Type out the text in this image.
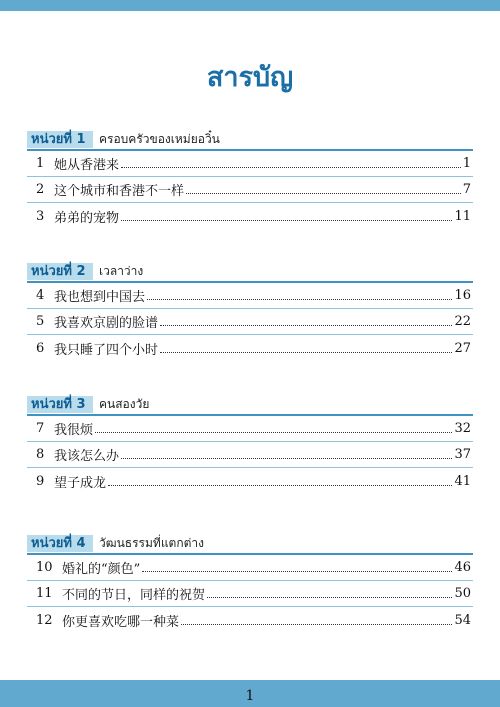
สารบัญ
หน่วยที่ 1	ครอบครัวของเหม่ยอวิ๋น
1 她从香港来	1
2 这个城市和香港不一样	7
3 弟弟的宠物	11
หน่วยที่ 2	เวลาว่าง
4 我也想到中国去	16
5 我喜欢京剧的脸谱	22
6 我只睡了四个小时	27
หน่วยที่ 3	คนสองวัย
7 我很烦	32
8 我该怎么办	37
9 望子成龙	41
หน่วยที่ 4	วัฒนธรรมที่แตกต่าง
10 婚礼的“颜色”	46
11 不同的节日，同样的祝贺	50
12 你更喜欢吃哪一种菜	54
1
